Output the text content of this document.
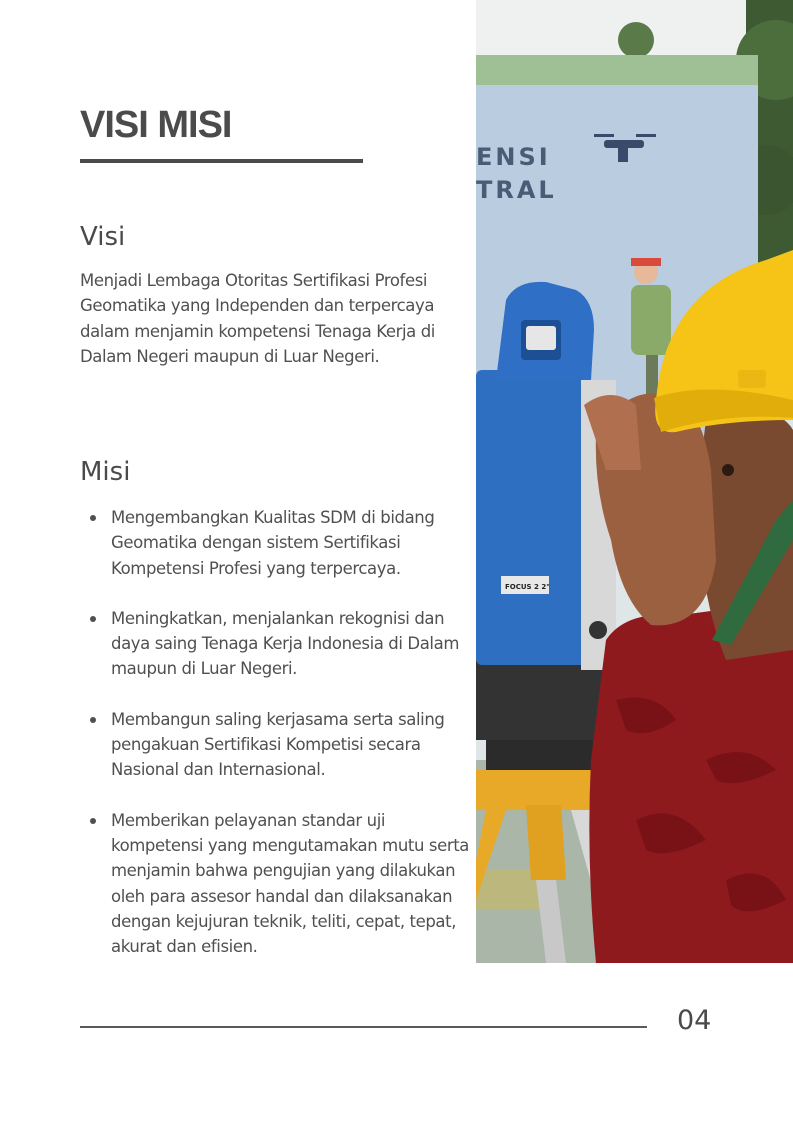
VISI MISI
Visi

Menjadi Lembaga Otoritas Sertifikasi Profesi Geomatika yang Independen dan terpercaya dalam menjamin kompetensi Tenaga Kerja di Dalam Negeri maupun di Luar Negeri.

Misi
Mengembangkan Kualitas SDM di bidang Geomatika dengan sistem Sertifikasi Kompetensi Profesi yang terpercaya.
Meningkatkan, menjalankan rekognisi dan daya saing Tenaga Kerja Indonesia di Dalam maupun di Luar Negeri.
Membangun saling kerjasama serta saling pengakuan Sertifikasi Kompetisi secara Nasional dan Internasional.
Memberikan pelayanan standar uji kompetensi yang mengutamakan mutu serta menjamin bahwa pengujian yang dilakukan oleh para assesor handal dan dilaksanakan dengan kejujuran teknik, teliti, cepat, tepat, akurat dan efisien.
ENSI
TRAL
FOCUS 2 2"
04
